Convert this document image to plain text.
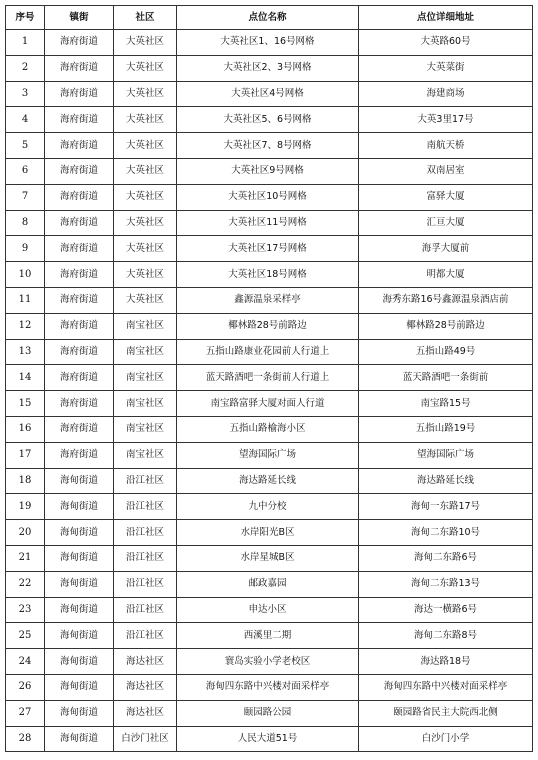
序号	镇街	社区	点位名称	点位详细地址
1	海府街道	大英社区	大英社区1、16号网格	大英路60号
2	海府街道	大英社区	大英社区2、3号网格	大英菜街
3	海府街道	大英社区	大英社区4号网格	海建商场
4	海府街道	大英社区	大英社区5、6号网格	大英3里17号
5	海府街道	大英社区	大英社区7、8号网格	南航天桥
6	海府街道	大英社区	大英社区9号网格	双南居室
7	海府街道	大英社区	大英社区10号网格	富驿大厦
8	海府街道	大英社区	大英社区11号网格	汇亘大厦
9	海府街道	大英社区	大英社区17号网格	海孚大厦前
10	海府街道	大英社区	大英社区18号网格	明都大厦
11	海府街道	大英社区	鑫源温泉采样亭	海秀东路16号鑫源温泉酒店前
12	海府街道	南宝社区	椰林路28号前路边	椰林路28号前路边
13	海府街道	南宝社区	五指山路康业花园前人行道上	五指山路49号
14	海府街道	南宝社区	蓝天路酒吧一条街前人行道上	蓝天路酒吧一条街前
15	海府街道	南宝社区	南宝路富驿大厦对面人行道	南宝路15号
16	海府街道	南宝社区	五指山路榆海小区	五指山路19号
17	海府街道	南宝社区	望海国际广场	望海国际广场
18	海甸街道	沿江社区	海达路延长线	海达路延长线
19	海甸街道	沿江社区	九中分校	海甸一东路17号
20	海甸街道	沿江社区	水岸阳光B区	海甸二东路10号
21	海甸街道	沿江社区	水岸星城B区	海甸二东路6号
22	海甸街道	沿江社区	邮政嘉园	海甸二东路13号
23	海甸街道	沿江社区	申达小区	海达一横路6号
25	海甸街道	沿江社区	西溪里二期	海甸二东路8号
24	海甸街道	海达社区	寰岛实验小学老校区	海达路18号
26	海甸街道	海达社区	海甸四东路中兴楼对面采样亭	海甸四东路中兴楼对面采样亭
27	海甸街道	海达社区	颐园路公园	颐园路省民主大院西北侧
28	海甸街道	白沙门社区	人民大道51号	白沙门小学
